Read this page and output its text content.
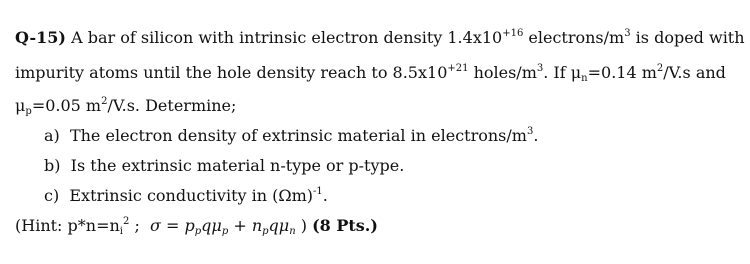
Q-15) A bar of silicon with intrinsic electron density $1.4x10^{+16}$ electrons/$m^3$ is doped with
impurity atoms until the hole density reach to $8.5x10^{+21}$ holes/$m^3$. If $\mu_n=0.14$ $m^2/V.s$ and
$\mu_p=0.05$ $m^2/V.s$. Determine;
a) The electron density of extrinsic material in electrons/$m^3$.
b) Is the extrinsic material n-type or p-type.
c) Extrinsic conductivity in $(\Omega m)^{-1}$.
(Hint: $p*n=n_i^2$ ;  $\sigma = p_pq\mu_p + n_pq\mu_n$ ) (8 Pts.)
